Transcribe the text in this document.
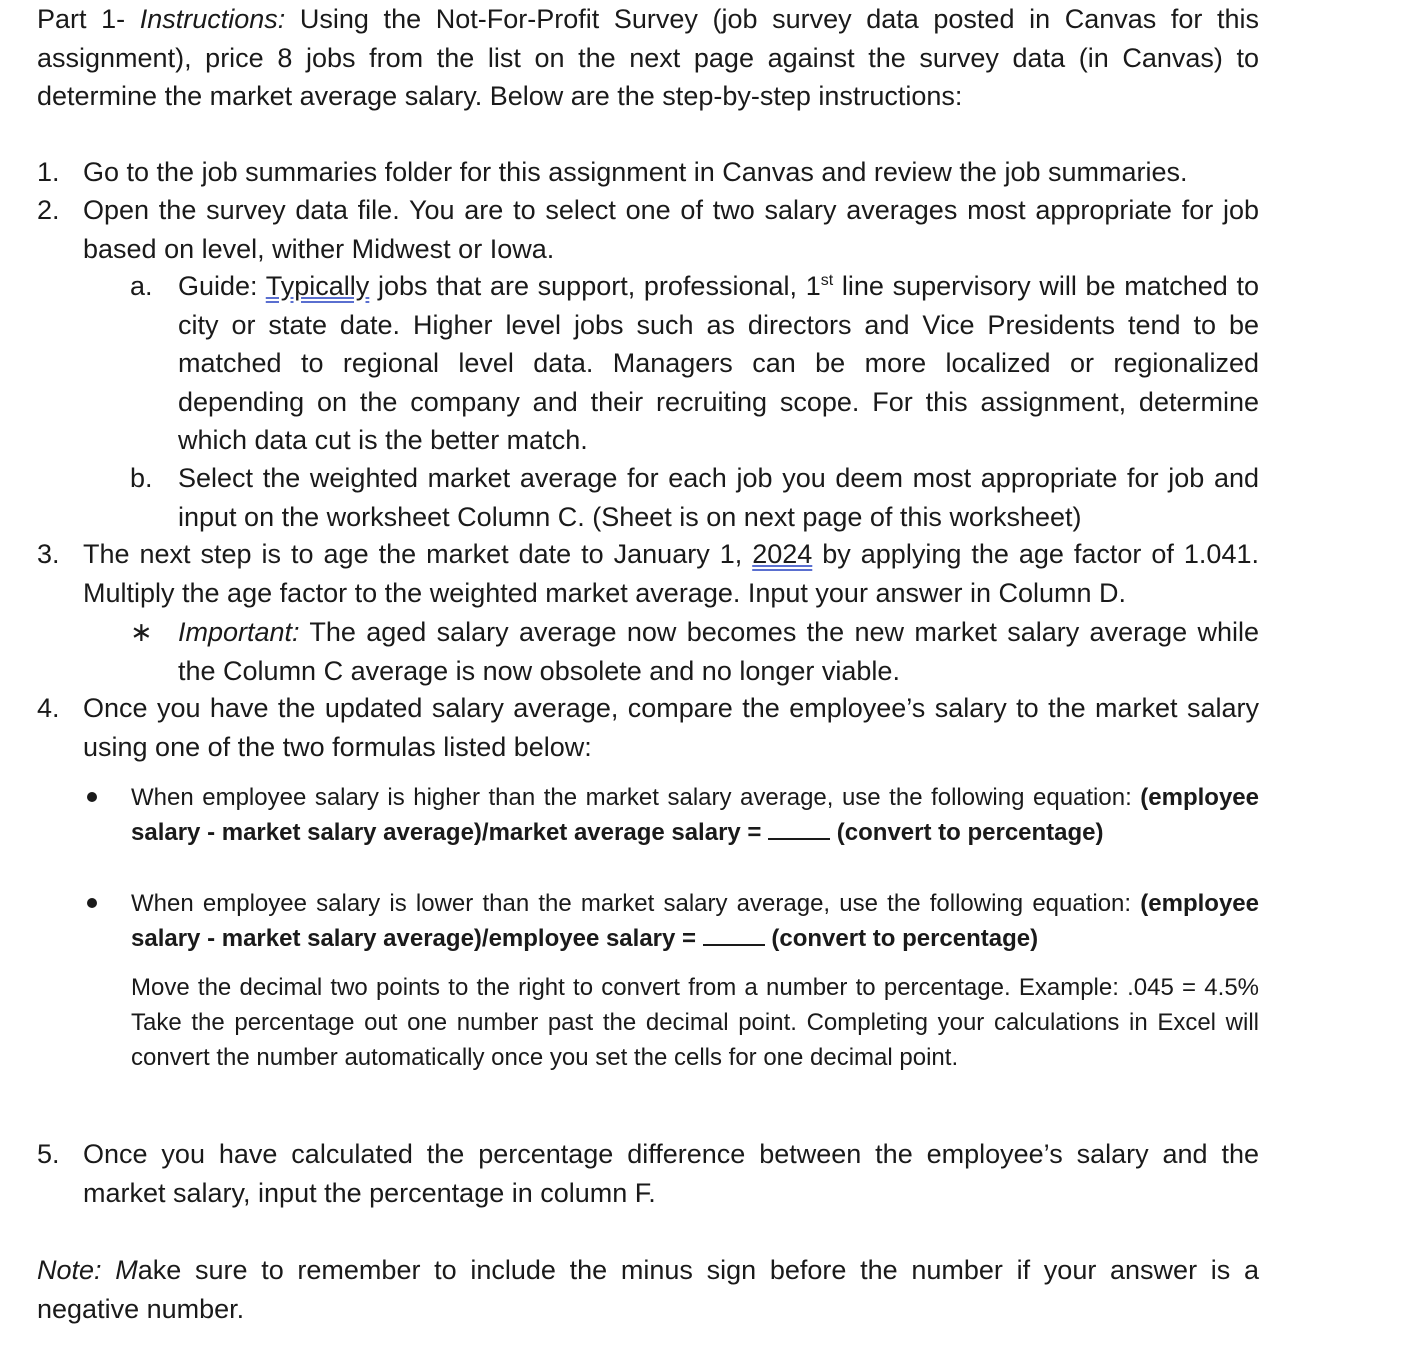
Part 1- Instructions: Using the Not-For-Profit Survey (job survey data posted in Canvas for this assignment), price 8 jobs from the list on the next page against the survey data (in Canvas) to determine the market average salary. Below are the step-by-step instructions:

1. Go to the job summaries folder for this assignment in Canvas and review the job summaries.
2. Open the survey data file. You are to select one of two salary averages most appropriate for job based on level, wither Midwest or Iowa.
a. Guide: Typically jobs that are support, professional, 1st line supervisory will be matched to city or state date. Higher level jobs such as directors and Vice Presidents tend to be matched to regional level data. Managers can be more localized or regionalized depending on the company and their recruiting scope. For this assignment, determine which data cut is the better match.
b. Select the weighted market average for each job you deem most appropriate for job and input on the worksheet Column C. (Sheet is on next page of this worksheet)
3. The next step is to age the market date to January 1, 2024 by applying the age factor of 1.041. Multiply the age factor to the weighted market average. Input your answer in Column D.
∗ Important: The aged salary average now becomes the new market salary average while the Column C average is now obsolete and no longer viable.
4. Once you have the updated salary average, compare the employee’s salary to the market salary using one of the two formulas listed below:
When employee salary is higher than the market salary average, use the following equation: (employee salary - market salary average)/market average salary =	(convert to percentage)
When employee salary is lower than the market salary average, use the following equation: (employee salary - market salary average)/employee salary =	(convert to percentage)
Move the decimal two points to the right to convert from a number to percentage. Example: .045 = 4.5% Take the percentage out one number past the decimal point. Completing your calculations in Excel will convert the number automatically once you set the cells for one decimal point.
5. Once you have calculated the percentage difference between the employee’s salary and the market salary, input the percentage in column F.
Note: Make sure to remember to include the minus sign before the number if your answer is a negative number.
